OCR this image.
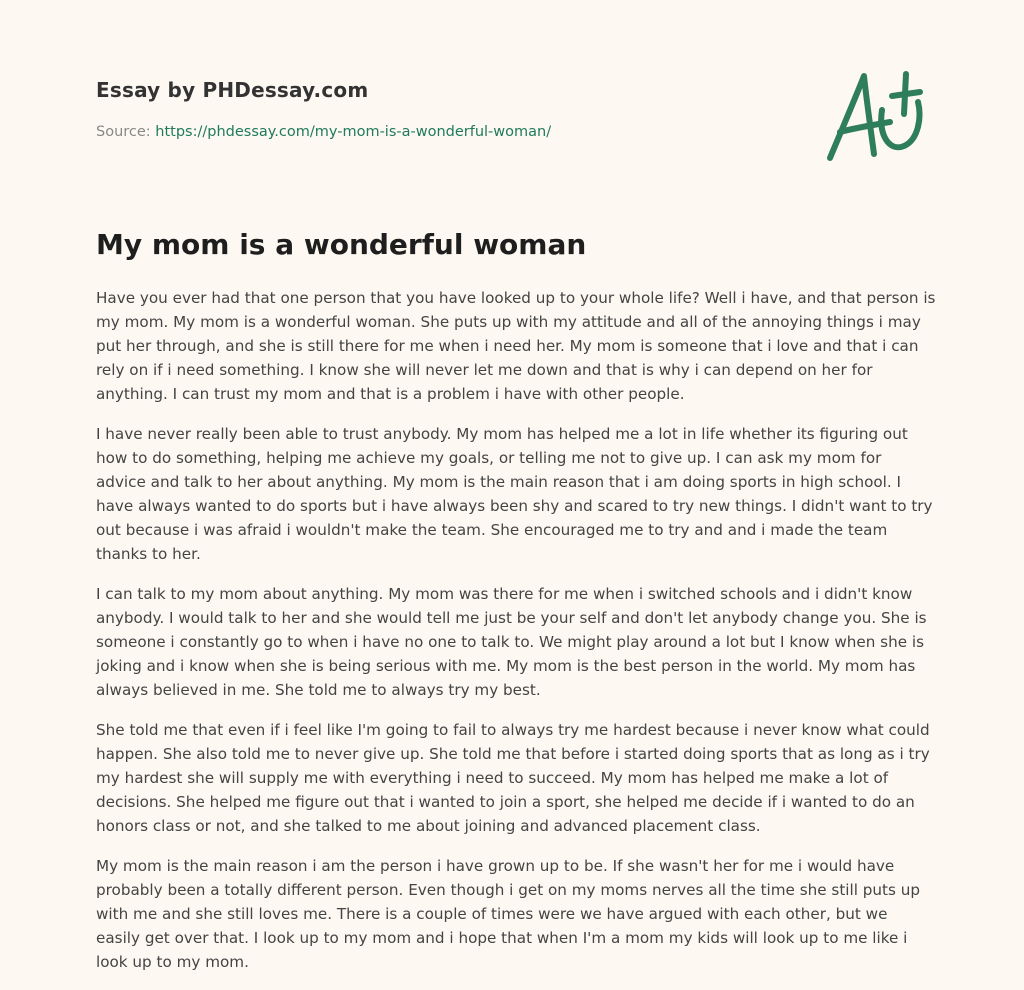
Essay by PHDessay.com
Source: https://phdessay.com/my-mom-is-a-wonderful-woman/
My mom is a wonderful woman

Have you ever had that one person that you have looked up to your whole life? Well i have, and that person is my mom. My mom is a wonderful woman. She puts up with my attitude and all of the annoying things i may put her through, and she is still there for me when i need her. My mom is someone that i love and that i can rely on if i need something. I know she will never let me down and that is why i can depend on her for anything. I can trust my mom and that is a problem i have with other people.

I have never really been able to trust anybody. My mom has helped me a lot in life whether its figuring out how to do something, helping me achieve my goals, or telling me not to give up. I can ask my mom for advice and talk to her about anything. My mom is the main reason that i am doing sports in high school. I have always wanted to do sports but i have always been shy and scared to try new things. I didn't want to try out because i was afraid i wouldn't make the team. She encouraged me to try and and i made the team thanks to her.

I can talk to my mom about anything. My mom was there for me when i switched schools and i didn't know anybody. I would talk to her and she would tell me just be your self and don't let anybody change you. She is someone i constantly go to when i have no one to talk to. We might play around a lot but I know when she is joking and i know when she is being serious with me. My mom is the best person in the world. My mom has always believed in me. She told me to always try my best.

She told me that even if i feel like I'm going to fail to always try me hardest because i never know what could happen. She also told me to never give up. She told me that before i started doing sports that as long as i try my hardest she will supply me with everything i need to succeed. My mom has helped me make a lot of decisions. She helped me figure out that i wanted to join a sport, she helped me decide if i wanted to do an honors class or not, and she talked to me about joining and advanced placement class.

My mom is the main reason i am the person i have grown up to be. If she wasn't her for me i would have probably been a totally different person. Even though i get on my moms nerves all the time she still puts up with me and she still loves me. There is a couple of times were we have argued with each other, but we easily get over that. I look up to my mom and i hope that when I'm a mom my kids will look up to me like i look up to my mom.
